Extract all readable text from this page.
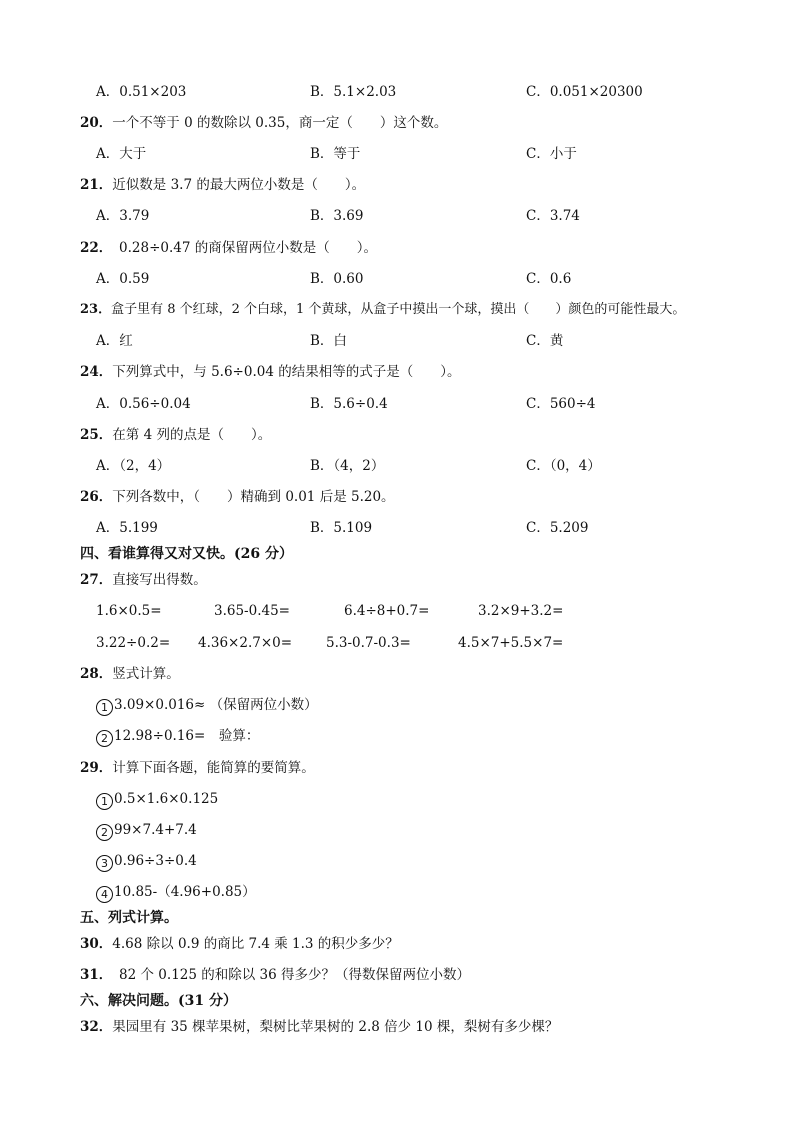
A．0.51×203	B．5.1×2.03	C．0.051×20300
20．一个不等于 0 的数除以 0.35，商一定（　　）这个数。
A．大于	B．等于	C．小于
21．近似数是 3.7 的最大两位小数是（　　）。
A．3.79	B．3.69	C．3.74
22．　0.28÷0.47 的商保留两位小数是（　　）。
A．0.59	B．0.60	C．0.6
23．盒子里有 8 个红球，2 个白球，1 个黄球，从盒子中摸出一个球，摸出（　　）颜色的可能性最大。
A．红	B．白	C．黄
24．下列算式中，与 5.6÷0.04 的结果相等的式子是（　　）。
A．0.56÷0.04	B．5.6÷0.4	C．560÷4
25．在第 4 列的点是（　　）。
A．（2，4）	B．（4，2）	C．（0，4）
26．下列各数中，（　　）精确到 0.01 后是 5.20。
A．5.199	B．5.109	C．5.209
四、看谁算得又对又快。(26 分）
27．直接写出得数。
1.6×0.5=	3.65-0.45=	6.4÷8+0.7=	3.2×9+3.2=
3.22÷0.2= 4.36×2.7×0=	5.3-0.7-0.3=	4.5×7+5.5×7=
28．竖式计算。
1 3.09×0.016≈ （保留两位小数）
2 12.98÷0.16=　验算：
29．计算下面各题，能简算的要简算。
1 0.5×1.6×0.125
2 99×7.4+7.4
3 0.96÷3÷0.4
4 10.85-（4.96+0.85）
五、列式计算。
30．4.68 除以 0.9 的商比 7.4 乘 1.3 的积少多少？
31．　82 个 0.125 的和除以 36 得多少？（得数保留两位小数）
六、解决问题。(31 分）
32．果园里有 35 棵苹果树，梨树比苹果树的 2.8 倍少 10 棵，梨树有多少棵？
